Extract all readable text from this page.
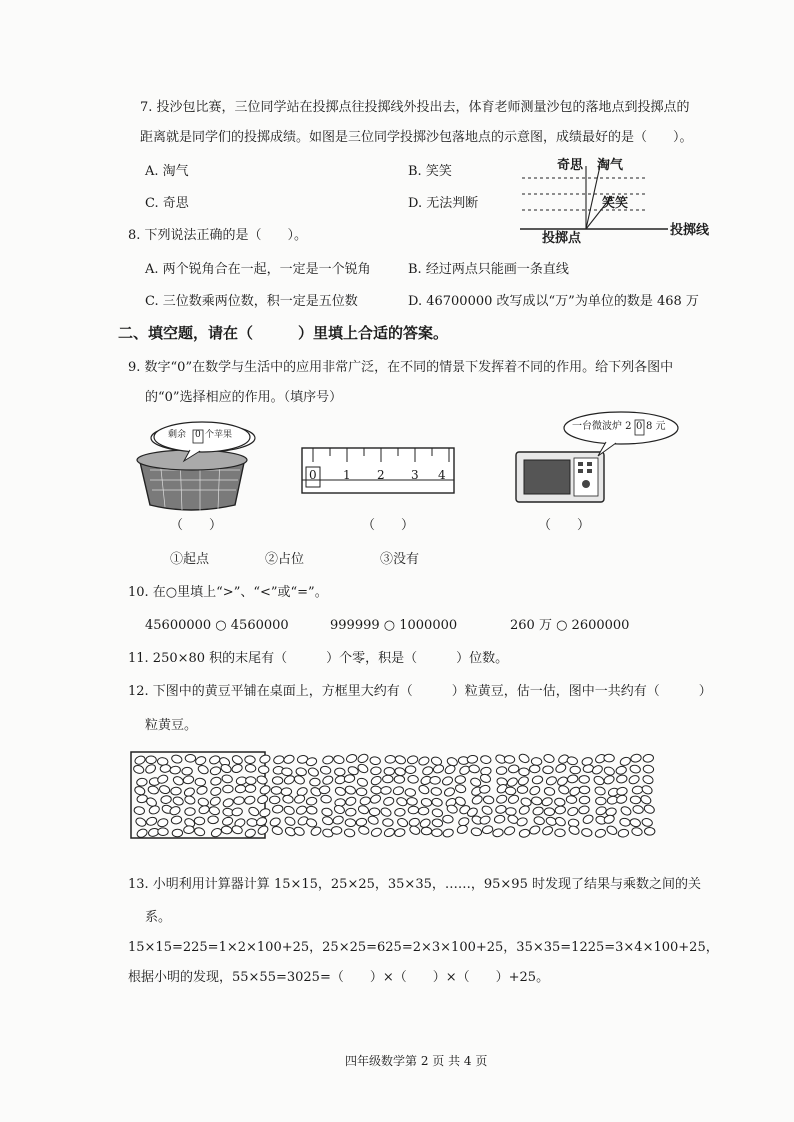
7. 投沙包比赛，三位同学站在投掷点往投掷线外投出去，体育老师测量沙包的落地点到投掷点的
距离就是同学们的投掷成绩。如图是三位同学投掷沙包落地点的示意图，成绩最好的是（　　）。
A. 淘气	B. 笑笑
C. 奇思	D. 无法判断
奇思 淘气
笑笑
投掷点
投掷线
8. 下列说法正确的是（　　）。
A. 两个锐角合在一起，一定是一个锐角	B. 经过两点只能画一条直线
C. 三位数乘两位数，积一定是五位数	D. 46700000 改写成以“万”为单位的数是 468 万
二、填空题，请在（　　　）里填上合适的答案。
9. 数字“0”在数学与生活中的应用非常广泛，在不同的情景下发挥着不同的作用。给下列各图中
的“0”选择相应的作用。（填序号）
剩余 0 个苹果
0 1 2 3 4
一台微波炉 2 0 8 元
（　　）	（　　）	（　　）
①起点	②占位	③没有
10. 在○里填上“>”、“<”或“=”。
45600000 ○ 4560000	999999 ○ 1000000	260 万 ○ 2600000
11. 250×80 积的末尾有（　　　）个零，积是（　　　）位数。
12. 下图中的黄豆平铺在桌面上，方框里大约有（　　　）粒黄豆，估一估，图中一共约有（　　　）
粒黄豆。
13. 小明利用计算器计算 15×15，25×25，35×35，……，95×95 时发现了结果与乘数之间的关
系。
15×15=225=1×2×100+25，25×25=625=2×3×100+25，35×35=1225=3×4×100+25，
根据小明的发现，55×55=3025=（　　）×（　　）×（　　）+25。
四年级数学第 2 页 共 4 页
